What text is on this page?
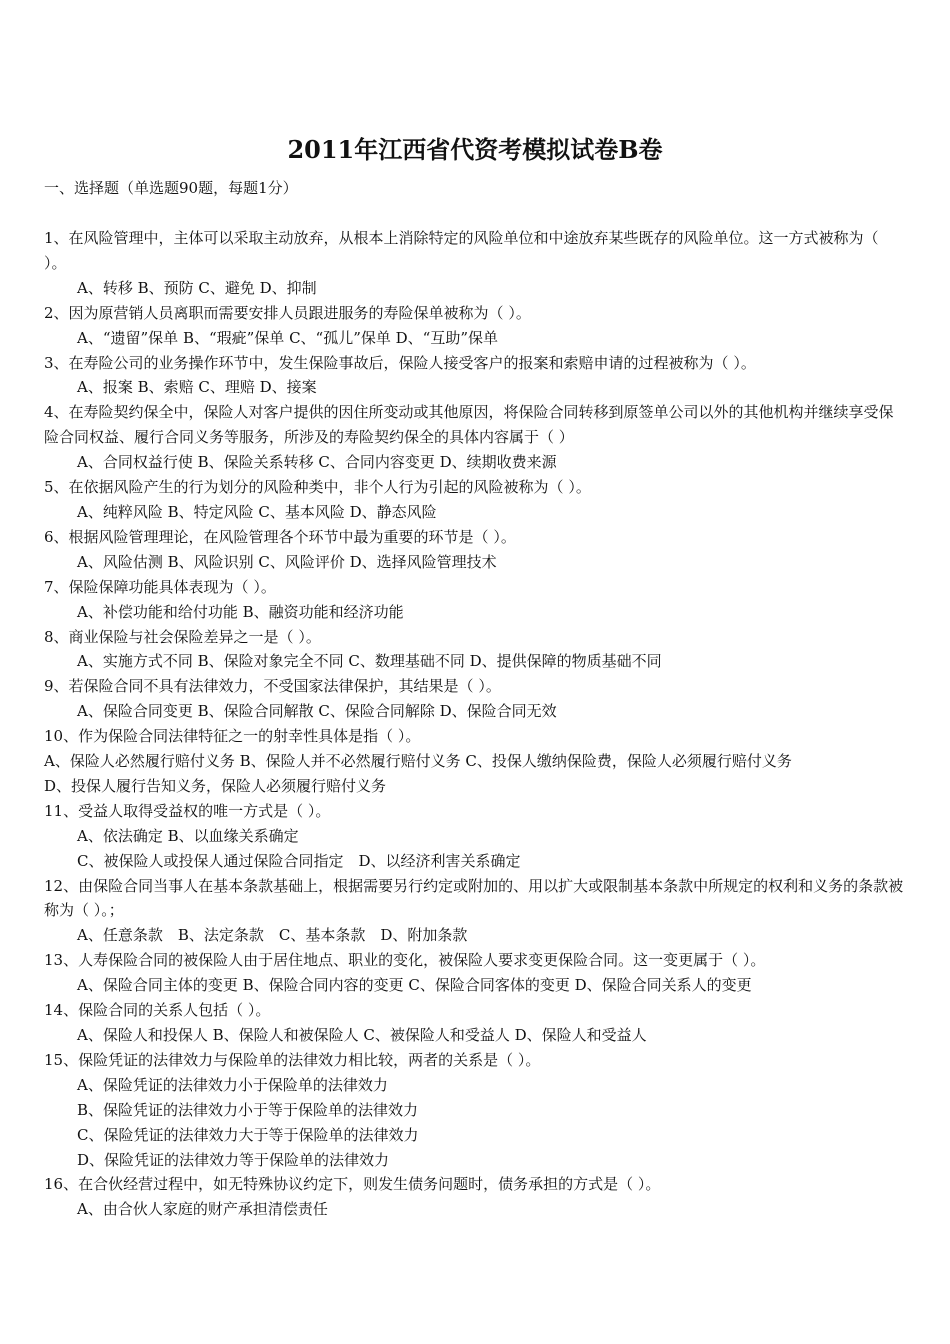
2011年江西省代资考模拟试卷B卷

一、选择题（单选题90题，每题1分）

1、在风险管理中，主体可以采取主动放弃，从根本上消除特定的风险单位和中途放弃某些既存的风险单位。这一方式被称为（ ）。

A、转移 B、预防 C、避免 D、抑制

2、因为原营销人员离职而需要安排人员跟进服务的寿险保单被称为（ ）。

A、“遗留”保单 B、“瑕疵”保单 C、“孤儿”保单 D、“互助”保单

3、在寿险公司的业务操作环节中，发生保险事故后，保险人接受客户的报案和索赔申请的过程被称为（ ）。

A、报案 B、索赔 C、理赔 D、接案

4、在寿险契约保全中，保险人对客户提供的因住所变动或其他原因，将保险合同转移到原签单公司以外的其他机构并继续享受保险合同权益、履行合同义务等服务，所涉及的寿险契约保全的具体内容属于（ ）

A、合同权益行使 B、保险关系转移 C、合同内容变更 D、续期收费来源

5、在依据风险产生的行为划分的风险种类中，非个人行为引起的风险被称为（ ）。

A、纯粹风险 B、特定风险 C、基本风险 D、静态风险

6、根据风险管理理论，在风险管理各个环节中最为重要的环节是（ ）。

A、风险估测 B、风险识别 C、风险评价 D、选择风险管理技术

7、保险保障功能具体表现为（ ）。

A、补偿功能和给付功能 B、融资功能和经济功能

8、商业保险与社会保险差异之一是（ ）。

A、实施方式不同 B、保险对象完全不同 C、数理基础不同 D、提供保障的物质基础不同

9、若保险合同不具有法律效力，不受国家法律保护，其结果是（ ）。

A、保险合同变更 B、保险合同解散 C、保险合同解除 D、保险合同无效

10、作为保险合同法律特征之一的射幸性具体是指（ ）。

A、保险人必然履行赔付义务 B、保险人并不必然履行赔付义务 C、投保人缴纳保险费，保险人必须履行赔付义务

D、投保人履行告知义务，保险人必须履行赔付义务

11、受益人取得受益权的唯一方式是（ ）。

A、依法确定 B、以血缘关系确定

C、被保险人或投保人通过保险合同指定　D、以经济利害关系确定

12、由保险合同当事人在基本条款基础上，根据需要另行约定或附加的、用以扩大或限制基本条款中所规定的权利和义务的条款被称为（ ）。；

A、任意条款　B、法定条款　C、基本条款　D、附加条款

13、人寿保险合同的被保险人由于居住地点、职业的变化，被保险人要求变更保险合同。这一变更属于（ ）。

A、保险合同主体的变更 B、保险合同内容的变更 C、保险合同客体的变更 D、保险合同关系人的变更

14、保险合同的关系人包括（ ）。

A、保险人和投保人 B、保险人和被保险人 C、被保险人和受益人 D、保险人和受益人

15、保险凭证的法律效力与保险单的法律效力相比较，两者的关系是（ ）。

A、保险凭证的法律效力小于保险单的法律效力

B、保险凭证的法律效力小于等于保险单的法律效力

C、保险凭证的法律效力大于等于保险单的法律效力

D、保险凭证的法律效力等于保险单的法律效力

16、在合伙经营过程中，如无特殊协议约定下，则发生债务问题时，债务承担的方式是（ ）。

A、由合伙人家庭的财产承担清偿责任
